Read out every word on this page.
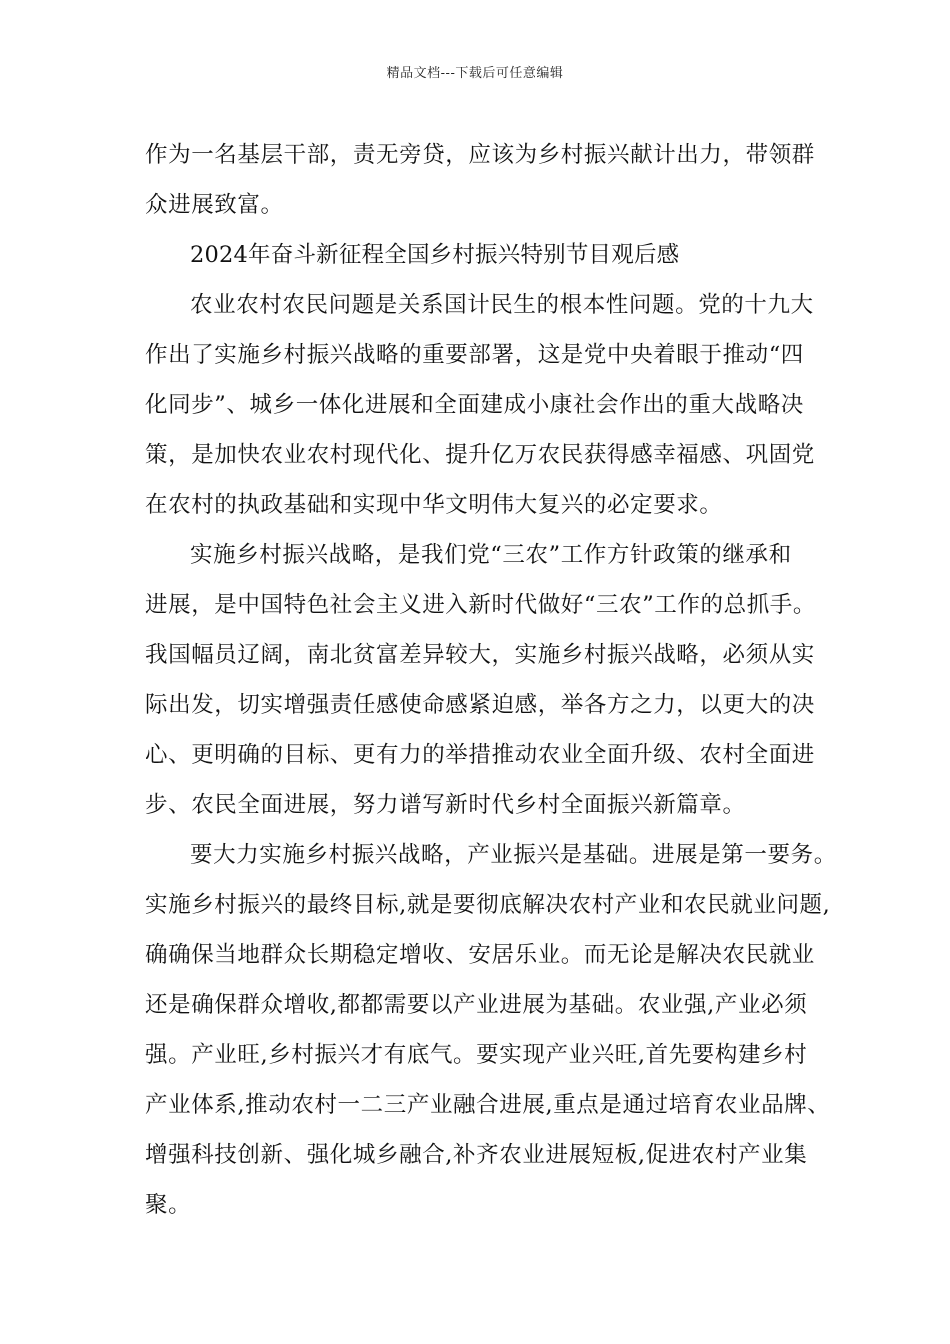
精品文档---下载后可任意编辑
作为一名基层干部，责无旁贷，应该为乡村振兴献计出力，带领群
众进展致富。
2024年奋斗新征程全国乡村振兴特别节目观后感
农业农村农民问题是关系国计民生的根本性问题。党的十九大
作出了实施乡村振兴战略的重要部署，这是党中央着眼于推动“四
化同步”、城乡一体化进展和全面建成小康社会作出的重大战略决
策，是加快农业农村现代化、提升亿万农民获得感幸福感、巩固党
在农村的执政基础和实现中华文明伟大复兴的必定要求。
实施乡村振兴战略，是我们党“三农”工作方针政策的继承和
进展，是中国特色社会主义进入新时代做好“三农”工作的总抓手。
我国幅员辽阔，南北贫富差异较大，实施乡村振兴战略，必须从实
际出发，切实增强责任感使命感紧迫感，举各方之力，以更大的决
心、更明确的目标、更有力的举措推动农业全面升级、农村全面进
步、农民全面进展，努力谱写新时代乡村全面振兴新篇章。
要大力实施乡村振兴战略，产业振兴是基础。进展是第一要务。
实施乡村振兴的最终目标,就是要彻底解决农村产业和农民就业问题,
确确保当地群众长期稳定增收、安居乐业。而无论是解决农民就业
还是确保群众增收,都都需要以产业进展为基础。农业强,产业必须
强。产业旺,乡村振兴才有底气。要实现产业兴旺,首先要构建乡村
产业体系,推动农村一二三产业融合进展,重点是通过培育农业品牌、
增强科技创新、强化城乡融合,补齐农业进展短板,促进农村产业集
聚。
